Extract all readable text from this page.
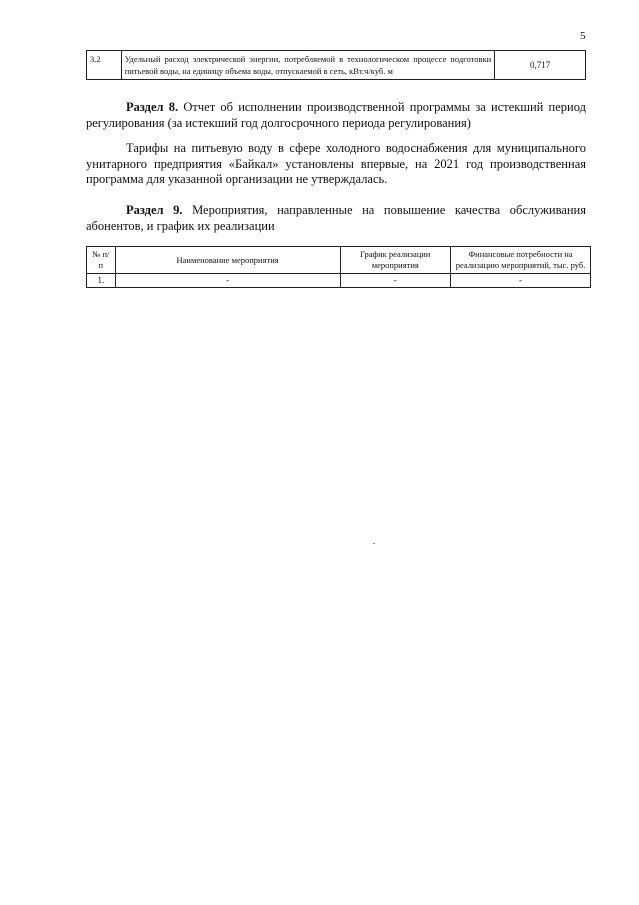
5
3.2	Удельный расход электрической энергии, потребляемой в технологическом процессе подготовки питьевой воды, на единицу объема воды, отпускаемой в сеть, кВт.ч/куб. м	0,717
Раздел 8. Отчет об исполнении производственной программы за истекший период регулирования (за истекший год долгосрочного периода регулирования)
Тарифы на питьевую воду в сфере холодного водоснабжения для муниципального унитарного предприятия «Байкал» установлены впервые, на 2021 год производственная программа для указанной организации не утверждалась.
Раздел 9. Мероприятия, направленные на повышение качества обслуживания абонентов, и график их реализации
№ п/п	Наименование мероприятия	График реализации мероприятия	Финансовые потребности на реализацию мероприятий, тыс. руб.
1.	-	-	-
